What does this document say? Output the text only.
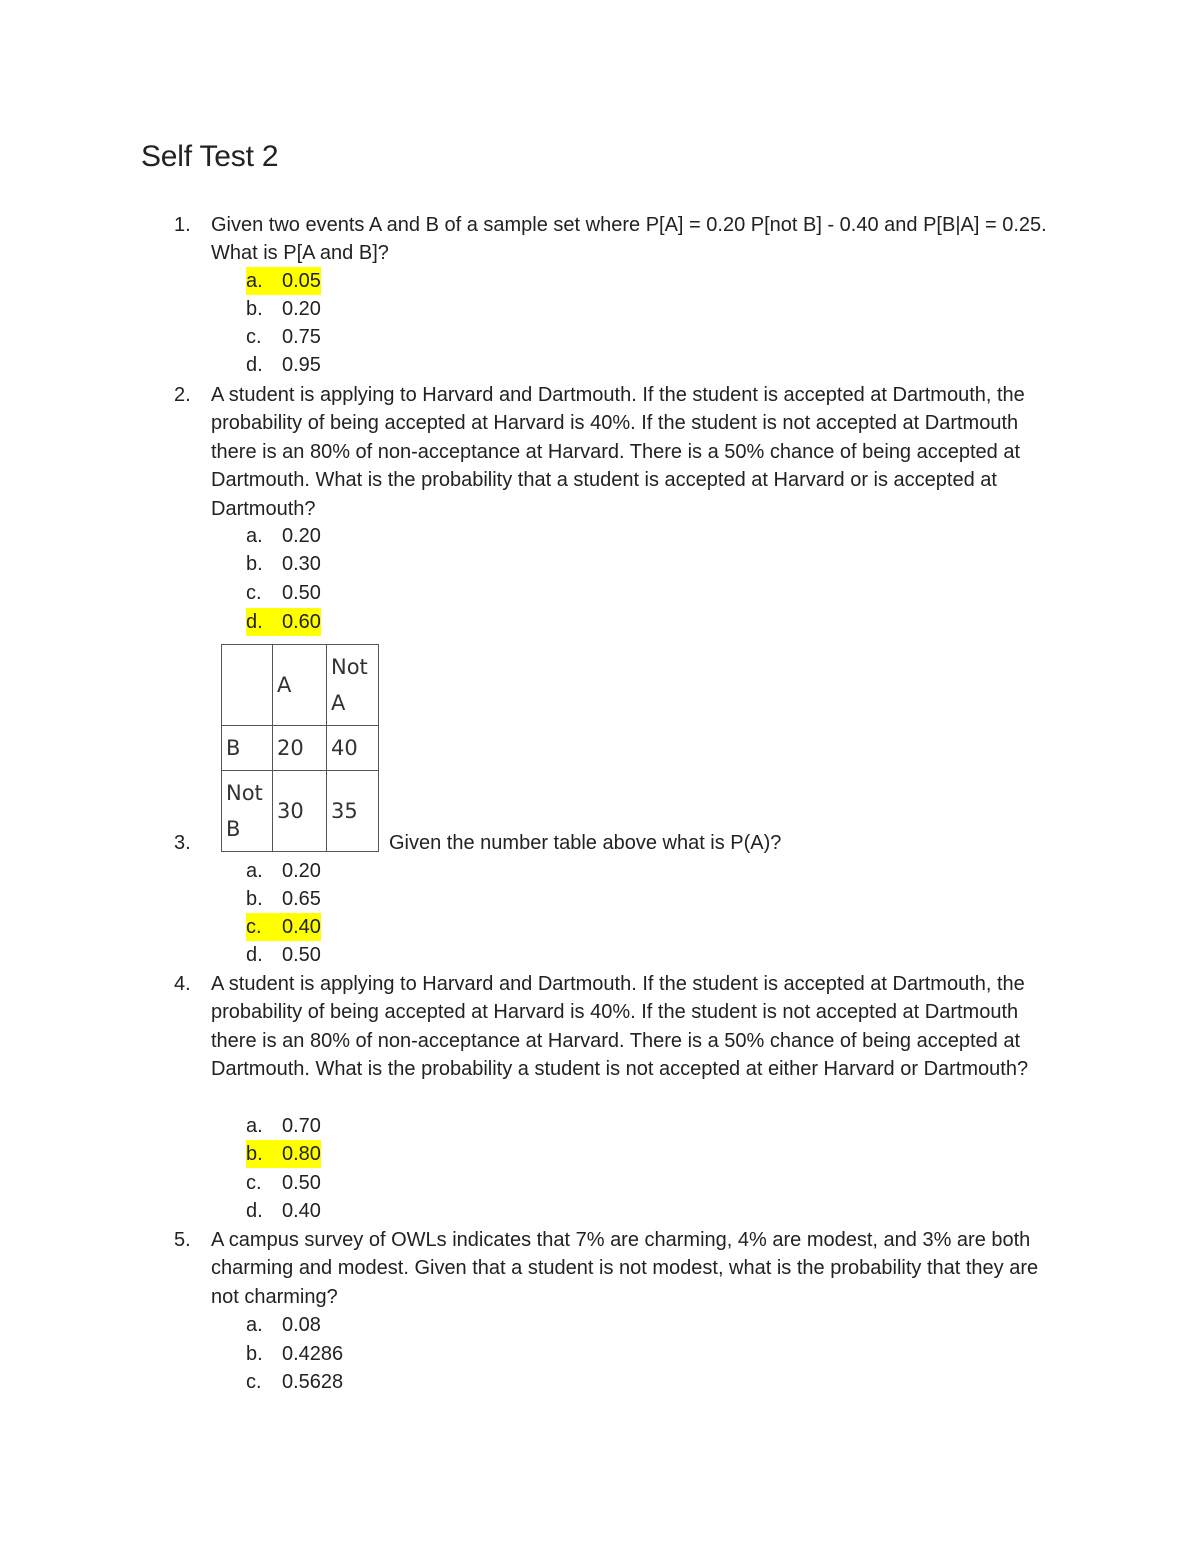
Self Test 2
1. Given two events A and B of a sample set where P[A] = 0.20 P[not B] - 0.40 and P[B|A] = 0.25. What is P[A and B]?

a. 0.05
b. 0.20
c. 0.75
d. 0.95
2. A student is applying to Harvard and Dartmouth. If the student is accepted at Dartmouth, the probability of being accepted at Harvard is 40%. If the student is not accepted at Dartmouth there is an 80% of non-acceptance at Harvard. There is a 50% chance of being accepted at Dartmouth. What is the probability that a student is accepted at Harvard or is accepted at Dartmouth?

a. 0.20
b. 0.30
c. 0.50
d. 0.60
	A	Not A
B	20	40
Not B	30	35
3.	Given the number table above what is P(A)?

a. 0.20
b. 0.65
c. 0.40
d. 0.50
4. A student is applying to Harvard and Dartmouth. If the student is accepted at Dartmouth, the probability of being accepted at Harvard is 40%. If the student is not accepted at Dartmouth there is an 80% of non-acceptance at Harvard. There is a 50% chance of being accepted at Dartmouth. What is the probability a student is not accepted at either Harvard or Dartmouth?

a. 0.70
b. 0.80
c. 0.50
d. 0.40
5. A campus survey of OWLs indicates that 7% are charming, 4% are modest, and 3% are both charming and modest. Given that a student is not modest, what is the probability that they are not charming?

a. 0.08
b. 0.4286
c. 0.5628
